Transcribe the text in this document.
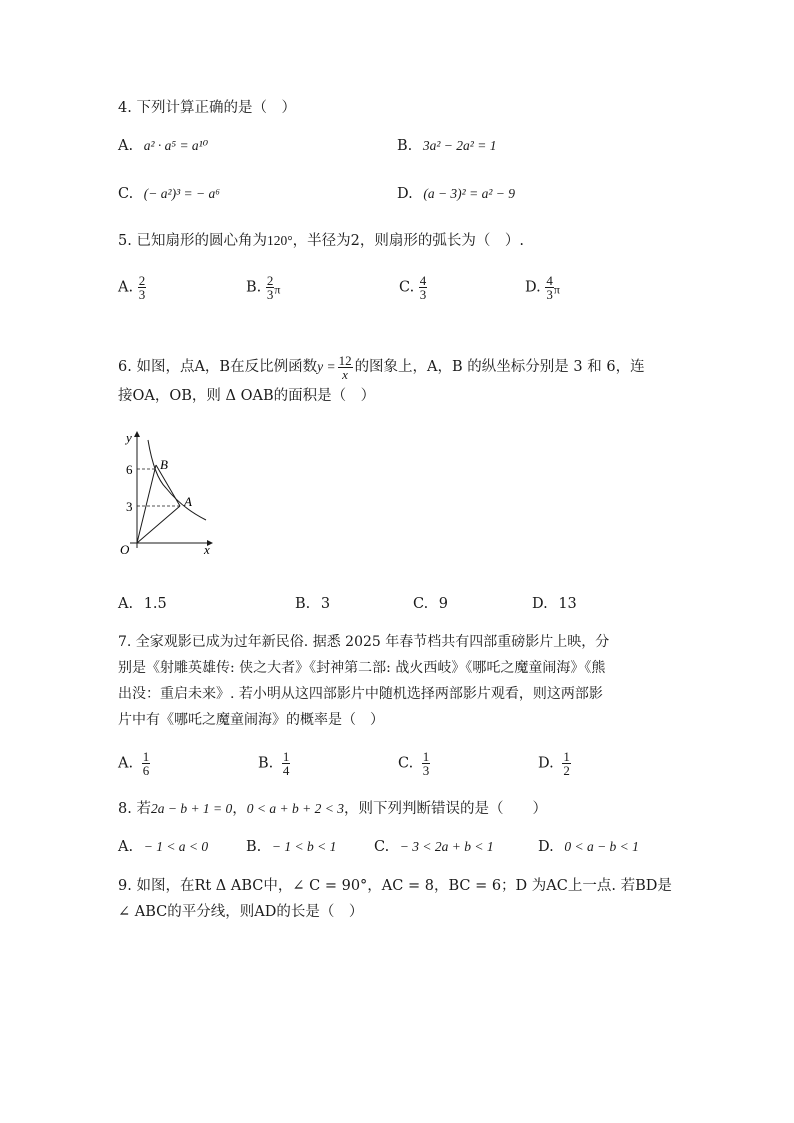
4. 下列计算正确的是（　）
A. a² · a⁵ = a¹⁰	B. 3a² − 2a² = 1
C. (− a²)³ = − a⁶	D. (a − 3)² = a² − 9
5. 已知扇形的圆心角为120°，半径为2，则扇形的弧长为（　）.
A. $\frac{2}{3}$	B. $\frac{2}{3}$ π	C. $\frac{4}{3}$	D. $\frac{4}{3}$ π
6. 如图，点A，B在反比例函数$y = \frac{12}{x}$ 的图象上，A，B 的纵坐标分别是 3 和 6，连
接OA，OB，则 Δ OAB的面积是（　）
y
x
O
6
3
B
A
A. 1.5	B. 3	C. 9	D. 13
7. 全家观影已成为过年新民俗. 据悉 2025 年春节档共有四部重磅影片上映，分
别是《射雕英雄传: 侠之大者》《封神第二部: 战火西岐》《哪吒之魔童闹海》《熊
出没：重启未来》. 若小明从这四部影片中随机选择两部影片观看，则这两部影
片中有《哪吒之魔童闹海》的概率是（　）
A. $\frac{1}{6}$	B. $\frac{1}{4}$	C. $\frac{1}{3}$	D. $\frac{1}{2}$
8. 若2a − b + 1 = 0，0 < a + b + 2 < 3，则下列判断错误的是（　　）
A. − 1 < a < 0	B. − 1 < b < 1	C. − 3 < 2a + b < 1	D. 0 < a − b < 1
9. 如图，在Rt Δ ABC中，∠ C = 90°，AC = 8，BC = 6；D 为AC上一点. 若BD是
∠ ABC的平分线，则AD的长是（　）
